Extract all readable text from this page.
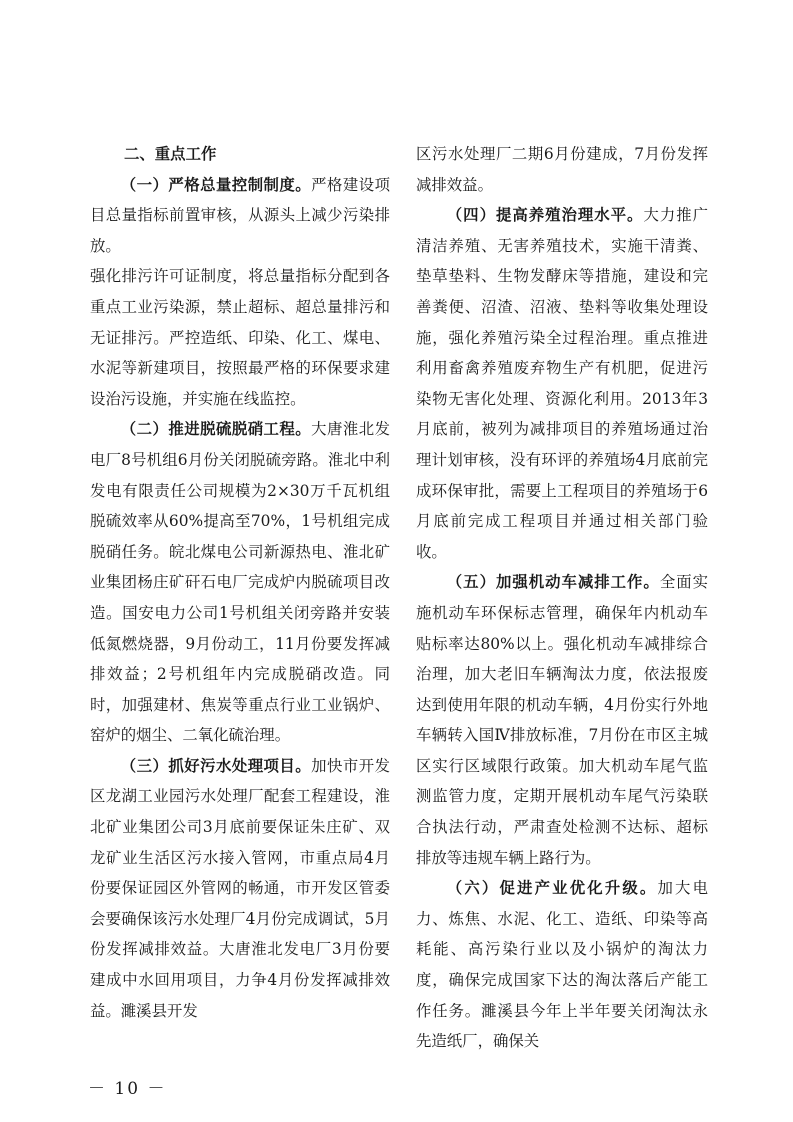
二、重点工作

（一）严格总量控制制度。严格建设项目总量指标前置审核，从源头上减少污染排放。

强化排污许可证制度，将总量指标分配到各重点工业污染源，禁止超标、超总量排污和无证排污。严控造纸、印染、化工、煤电、水泥等新建项目，按照最严格的环保要求建设治污设施，并实施在线监控。

（二）推进脱硫脱硝工程。大唐淮北发电厂8号机组6月份关闭脱硫旁路。淮北中利发电有限责任公司规模为2×30万千瓦机组脱硫效率从60%提高至70%，1号机组完成脱硝任务。皖北煤电公司新源热电、淮北矿业集团杨庄矿矸石电厂完成炉内脱硫项目改造。国安电力公司1号机组关闭旁路并安装低氮燃烧器，9月份动工，11月份要发挥减排效益；2号机组年内完成脱硝改造。同时，加强建材、焦炭等重点行业工业锅炉、窑炉的烟尘、二氧化硫治理。

（三）抓好污水处理项目。加快市开发区龙湖工业园污水处理厂配套工程建设，淮北矿业集团公司3月底前要保证朱庄矿、双龙矿业生活区污水接入管网，市重点局4月份要保证园区外管网的畅通，市开发区管委会要确保该污水处理厂4月份完成调试，5月份发挥减排效益。大唐淮北发电厂3月份要建成中水回用项目，力争4月份发挥减排效益。濉溪县开发

区污水处理厂二期6月份建成，7月份发挥减排效益。

（四）提高养殖治理水平。大力推广清洁养殖、无害养殖技术，实施干清粪、垫草垫料、生物发酵床等措施，建设和完善粪便、沼渣、沼液、垫料等收集处理设施，强化养殖污染全过程治理。重点推进利用畜禽养殖废弃物生产有机肥，促进污染物无害化处理、资源化利用。2013年3月底前，被列为减排项目的养殖场通过治理计划审核，没有环评的养殖场4月底前完成环保审批，需要上工程项目的养殖场于6月底前完成工程项目并通过相关部门验收。

（五）加强机动车减排工作。全面实施机动车环保标志管理，确保年内机动车贴标率达80%以上。强化机动车减排综合治理，加大老旧车辆淘汰力度，依法报废达到使用年限的机动车辆，4月份实行外地车辆转入国Ⅳ排放标准，7月份在市区主城区实行区域限行政策。加大机动车尾气监测监管力度，定期开展机动车尾气污染联合执法行动，严肃查处检测不达标、超标排放等违规车辆上路行为。

（六）促进产业优化升级。加大电力、炼焦、水泥、化工、造纸、印染等高耗能、高污染行业以及小锅炉的淘汰力度，确保完成国家下达的淘汰落后产能工作任务。濉溪县今年上半年要关闭淘汰永先造纸厂，确保关

－ 10 －
